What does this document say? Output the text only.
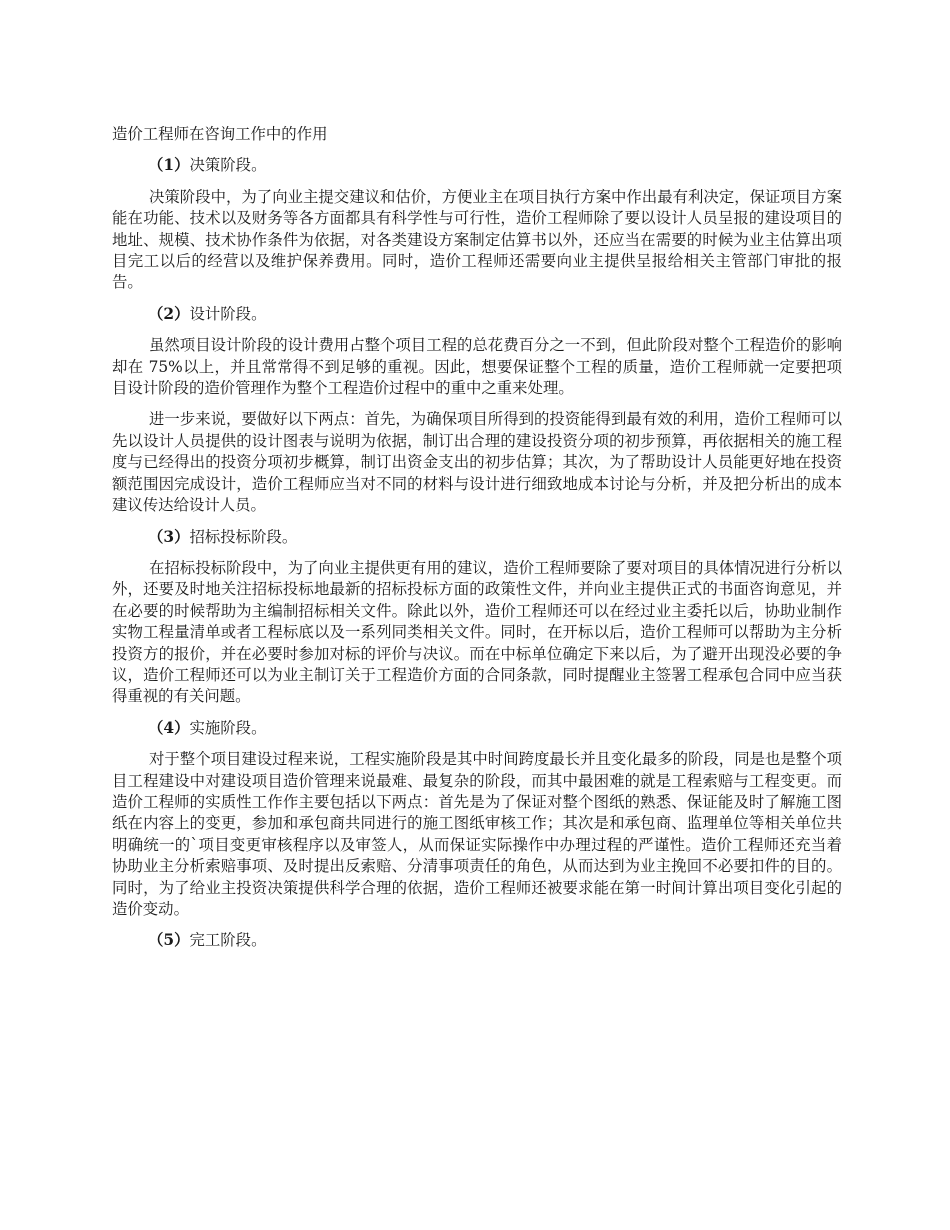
造价工程师在咨询工作中的作用
（1）决策阶段。

决策阶段中，为了向业主提交建议和估价，方便业主在项目执行方案中作出最有利决定，保证项目方案能在功能、技术以及财务等各方面都具有科学性与可行性，造价工程师除了要以设计人员呈报的建设项目的地址、规模、技术协作条件为依据，对各类建设方案制定估算书以外，还应当在需要的时候为业主估算出项目完工以后的经营以及维护保养费用。同时，造价工程师还需要向业主提供呈报给相关主管部门审批的报告。

（2）设计阶段。

虽然项目设计阶段的设计费用占整个项目工程的总花费百分之一不到，但此阶段对整个工程造价的影响却在 75%以上，并且常常得不到足够的重视。因此，想要保证整个工程的质量，造价工程师就一定要把项目设计阶段的造价管理作为整个工程造价过程中的重中之重来处理。

进一步来说，要做好以下两点：首先，为确保项目所得到的投资能得到最有效的利用，造价工程师可以先以设计人员提供的设计图表与说明为依据，制订出合理的建设投资分项的初步预算，再依据相关的施工程度与已经得出的投资分项初步概算，制订出资金支出的初步估算；其次，为了帮助设计人员能更好地在投资额范围因完成设计，造价工程师应当对不同的材料与设计进行细致地成本讨论与分析，并及把分析出的成本建议传达给设计人员。

（3）招标投标阶段。

在招标投标阶段中，为了向业主提供更有用的建议，造价工程师要除了要对项目的具体情况进行分析以外，还要及时地关注招标投标地最新的招标投标方面的政策性文件，并向业主提供正式的书面咨询意见，并在必要的时候帮助为主编制招标相关文件。除此以外，造价工程师还可以在经过业主委托以后，协助业制作实物工程量清单或者工程标底以及一系列同类相关文件。同时，在开标以后，造价工程师可以帮助为主分析投资方的报价，并在必要时参加对标的评价与决议。而在中标单位确定下来以后，为了避开出现没必要的争议，造价工程师还可以为业主制订关于工程造价方面的合同条款，同时提醒业主签署工程承包合同中应当获得重视的有关问题。

（4）实施阶段。

对于整个项目建设过程来说，工程实施阶段是其中时间跨度最长并且变化最多的阶段，同是也是整个项目工程建设中对建设项目造价管理来说最难、最复杂的阶段，而其中最困难的就是工程索赔与工程变更。而造价工程师的实质性工作作主要包括以下两点：首先是为了保证对整个图纸的熟悉、保证能及时了解施工图纸在内容上的变更，参加和承包商共同进行的施工图纸审核工作；其次是和承包商、监理单位等相关单位共明确统一的`项目变更审核程序以及审签人，从而保证实际操作中办理过程的严谨性。造价工程师还充当着协助业主分析索赔事项、及时提出反索赔、分清事项责任的角色，从而达到为业主挽回不必要扣件的目的。同时，为了给业主投资决策提供科学合理的依据，造价工程师还被要求能在第一时间计算出项目变化引起的造价变动。

（5）完工阶段。
